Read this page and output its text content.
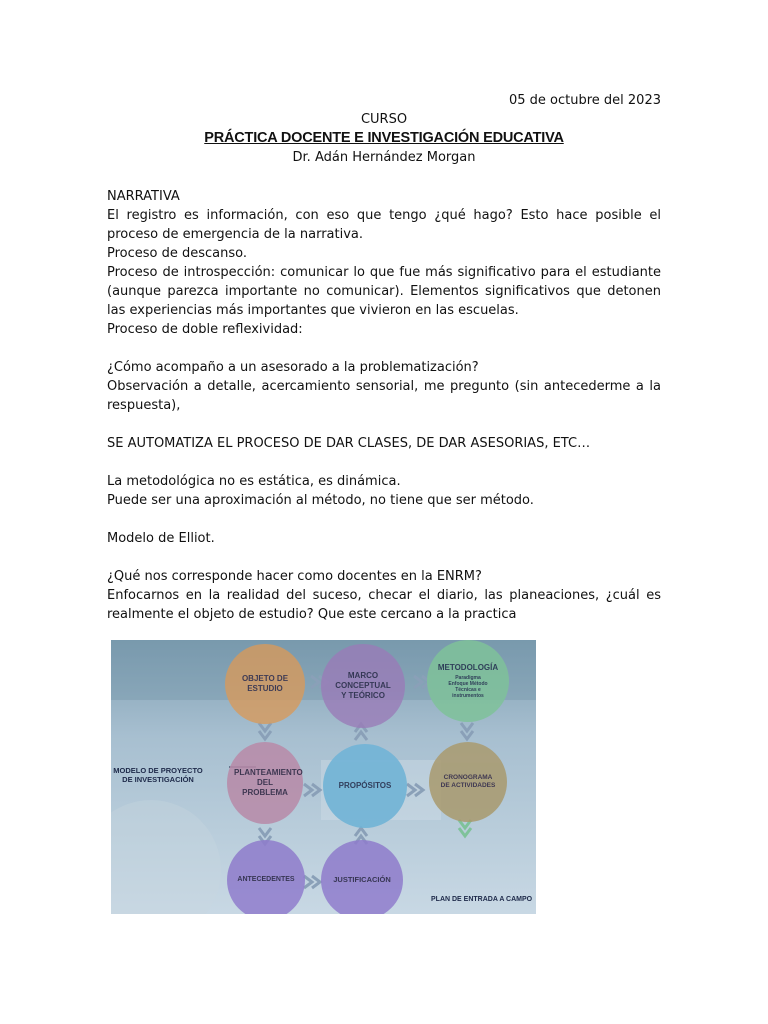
05 de octubre del 2023
CURSO
PRÁCTICA DOCENTE E INVESTIGACIÓN EDUCATIVA
Dr. Adán Hernández Morgan

NARRATIVA

El registro es información, con eso que tengo ¿qué hago? Esto hace posible el proceso de emergencia de la narrativa.

Proceso de descanso.

Proceso de introspección: comunicar lo que fue más significativo para el estudiante (aunque parezca importante no comunicar). Elementos significativos que detonen las experiencias más importantes que vivieron en las escuelas.

Proceso de doble reflexividad:

¿Cómo acompaño a un asesorado a la problematización?

Observación a detalle, acercamiento sensorial, me pregunto (sin antecederme a la respuesta),

SE AUTOMATIZA EL PROCESO DE DAR CLASES, DE DAR ASESORIAS, ETC…

La metodológica no es estática, es dinámica.

Puede ser una aproximación al método, no tiene que ser método.

Modelo de Elliot.

¿Qué nos corresponde hacer como docentes en la ENRM?

Enfocarnos en la realidad del suceso, checar el diario, las planeaciones, ¿cuál es realmente el objeto de estudio? Que este cercano a la practica

OBJETO DE ESTUDIO
MARCO CONCEPTUAL Y TEÓRICO
METODOLOGÍA
Paradigma Enfoque Método Técnicas e instrumentos
PLANTEAMIENTO DEL PROBLEMA
PROPÓSITOS
CRONOGRAMA DE ACTIVIDADES
ANTECEDENTES	JUSTIFICACIÓN
MODELO DE PROYECTO DE INVESTIGACIÓN
PLAN DE ENTRADA A CAMPO
